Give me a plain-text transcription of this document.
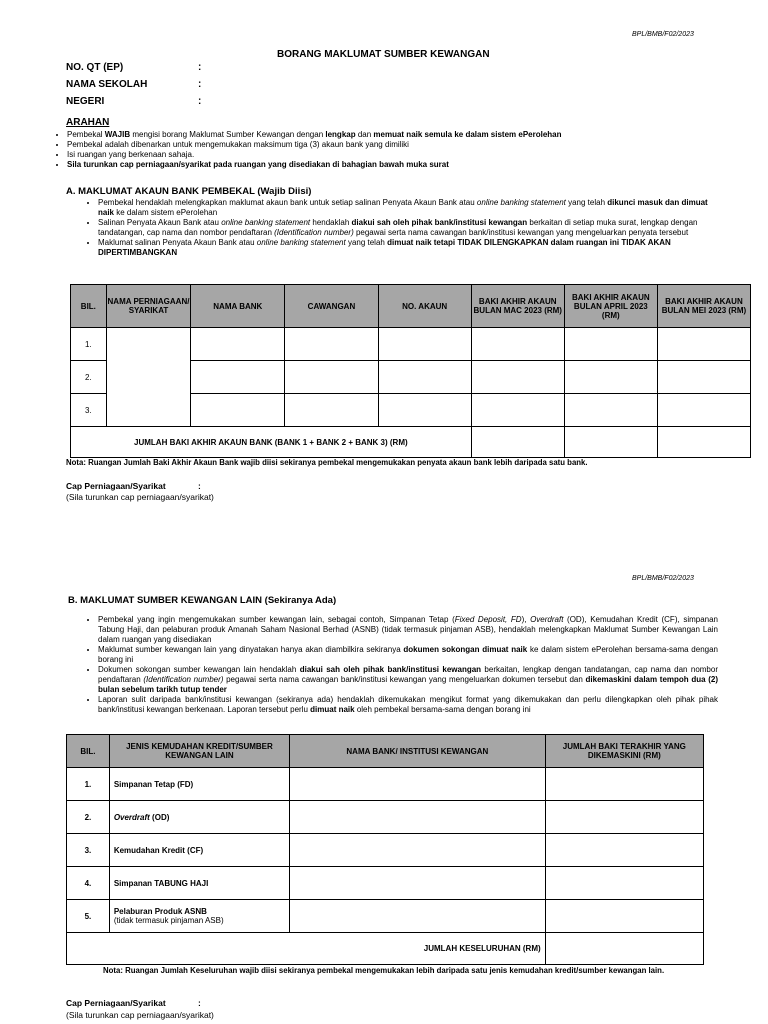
BPL/BMB/F02/2023
BORANG MAKLUMAT SUMBER KEWANGAN
NO. QT (EP)	:
NAMA SEKOLAH	:
NEGERI	:
ARAHAN
• Pembekal WAJIB mengisi borang Maklumat Sumber Kewangan dengan lengkap dan memuat naik semula ke dalam sistem ePerolehan
• Pembekal adalah dibenarkan untuk mengemukakan maksimum tiga (3) akaun bank yang dimiliki
• Isi ruangan yang berkenaan sahaja.
• Sila turunkan cap perniagaan/syarikat pada ruangan yang disediakan di bahagian bawah muka surat
A. MAKLUMAT AKAUN BANK PEMBEKAL (Wajib Diisi)
• Pembekal hendaklah melengkapkan maklumat akaun bank untuk setiap salinan Penyata Akaun Bank atau online banking statement yang telah dikunci masuk dan dimuat naik ke dalam sistem ePerolehan
• Salinan Penyata Akaun Bank atau online banking statement hendaklah diakui sah oleh pihak bank/institusi kewangan berkaitan di setiap muka surat, lengkap dengan tandatangan, cap nama dan nombor pendaftaran (Identification number) pegawai serta nama cawangan bank/institusi kewangan yang mengeluarkan penyata tersebut
• Maklumat salinan Penyata Akaun Bank atau online banking statement yang telah dimuat naik tetapi TIDAK DILENGKAPKAN dalam ruangan ini TIDAK AKAN DIPERTIMBANGKAN
BIL.	NAMA PERNIAGAAN/ SYARIKAT	NAMA BANK	CAWANGAN	NO. AKAUN	BAKI AKHIR AKAUN BULAN MAC 2023 (RM)	BAKI AKHIR AKAUN BULAN APRIL 2023 (RM)	BAKI AKHIR AKAUN BULAN MEI 2023 (RM)
1.							
2.							
3.							
JUMLAH BAKI AKHIR AKAUN BANK (BANK 1 + BANK 2 + BANK 3) (RM)							
Nota: Ruangan Jumlah Baki Akhir Akaun Bank wajib diisi sekiranya pembekal mengemukakan penyata akaun bank lebih daripada satu bank.
Cap Perniagaan/Syarikat	:
(Sila turunkan cap perniagaan/syarikat)
BPL/BMB/F02/2023
B. MAKLUMAT SUMBER KEWANGAN LAIN (Sekiranya Ada)
• Pembekal yang ingin mengemukakan sumber kewangan lain, sebagai contoh, Simpanan Tetap (Fixed Deposit, FD), Overdraft (OD), Kemudahan Kredit (CF), simpanan Tabung Haji, dan pelaburan produk Amanah Saham Nasional Berhad (ASNB) (tidak termasuk pinjaman ASB), hendaklah melengkapkan Maklumat Sumber Kewangan Lain dalam ruangan yang disediakan
• Maklumat sumber kewangan lain yang dinyatakan hanya akan diambilkira sekiranya dokumen sokongan dimuat naik ke dalam sistem ePerolehan bersama-sama dengan borang ini
• Dokumen sokongan sumber kewangan lain hendaklah diakui sah oleh pihak bank/institusi kewangan berkaitan, lengkap dengan tandatangan, cap nama dan nombor pendaftaran (Identification number) pegawai serta nama cawangan bank/institusi kewangan yang mengeluarkan dokumen tersebut dan dikemaskini dalam tempoh dua (2) bulan sebelum tarikh tutup tender
• Laporan sulit daripada bank/institusi kewangan (sekiranya ada) hendaklah dikemukakan mengikut format yang dikemukakan dan perlu dilengkapkan oleh pihak pihak bank/institusi kewangan berkenaan. Laporan tersebut perlu dimuat naik oleh pembekal bersama-sama dengan borang ini
BIL.	JENIS KEMUDAHAN KREDIT/SUMBER KEWANGAN LAIN	NAMA BANK/ INSTITUSI KEWANGAN	JUMLAH BAKI TERAKHIR YANG DIKEMASKINI (RM)
1.	Simpanan Tetap (FD)		
2.	Overdraft (OD)		
3.	Kemudahan Kredit (CF)		
4.	Simpanan TABUNG HAJI		
5.	Pelaburan Produk ASNB
(tidak termasuk pinjaman ASB)		

JUMLAH KESELURUHAN (RM)			
Nota: Ruangan Jumlah Keseluruhan wajib diisi sekiranya pembekal mengemukakan lebih daripada satu jenis kemudahan kredit/sumber kewangan lain.
Cap Perniagaan/Syarikat	:
(Sila turunkan cap perniagaan/syarikat)
